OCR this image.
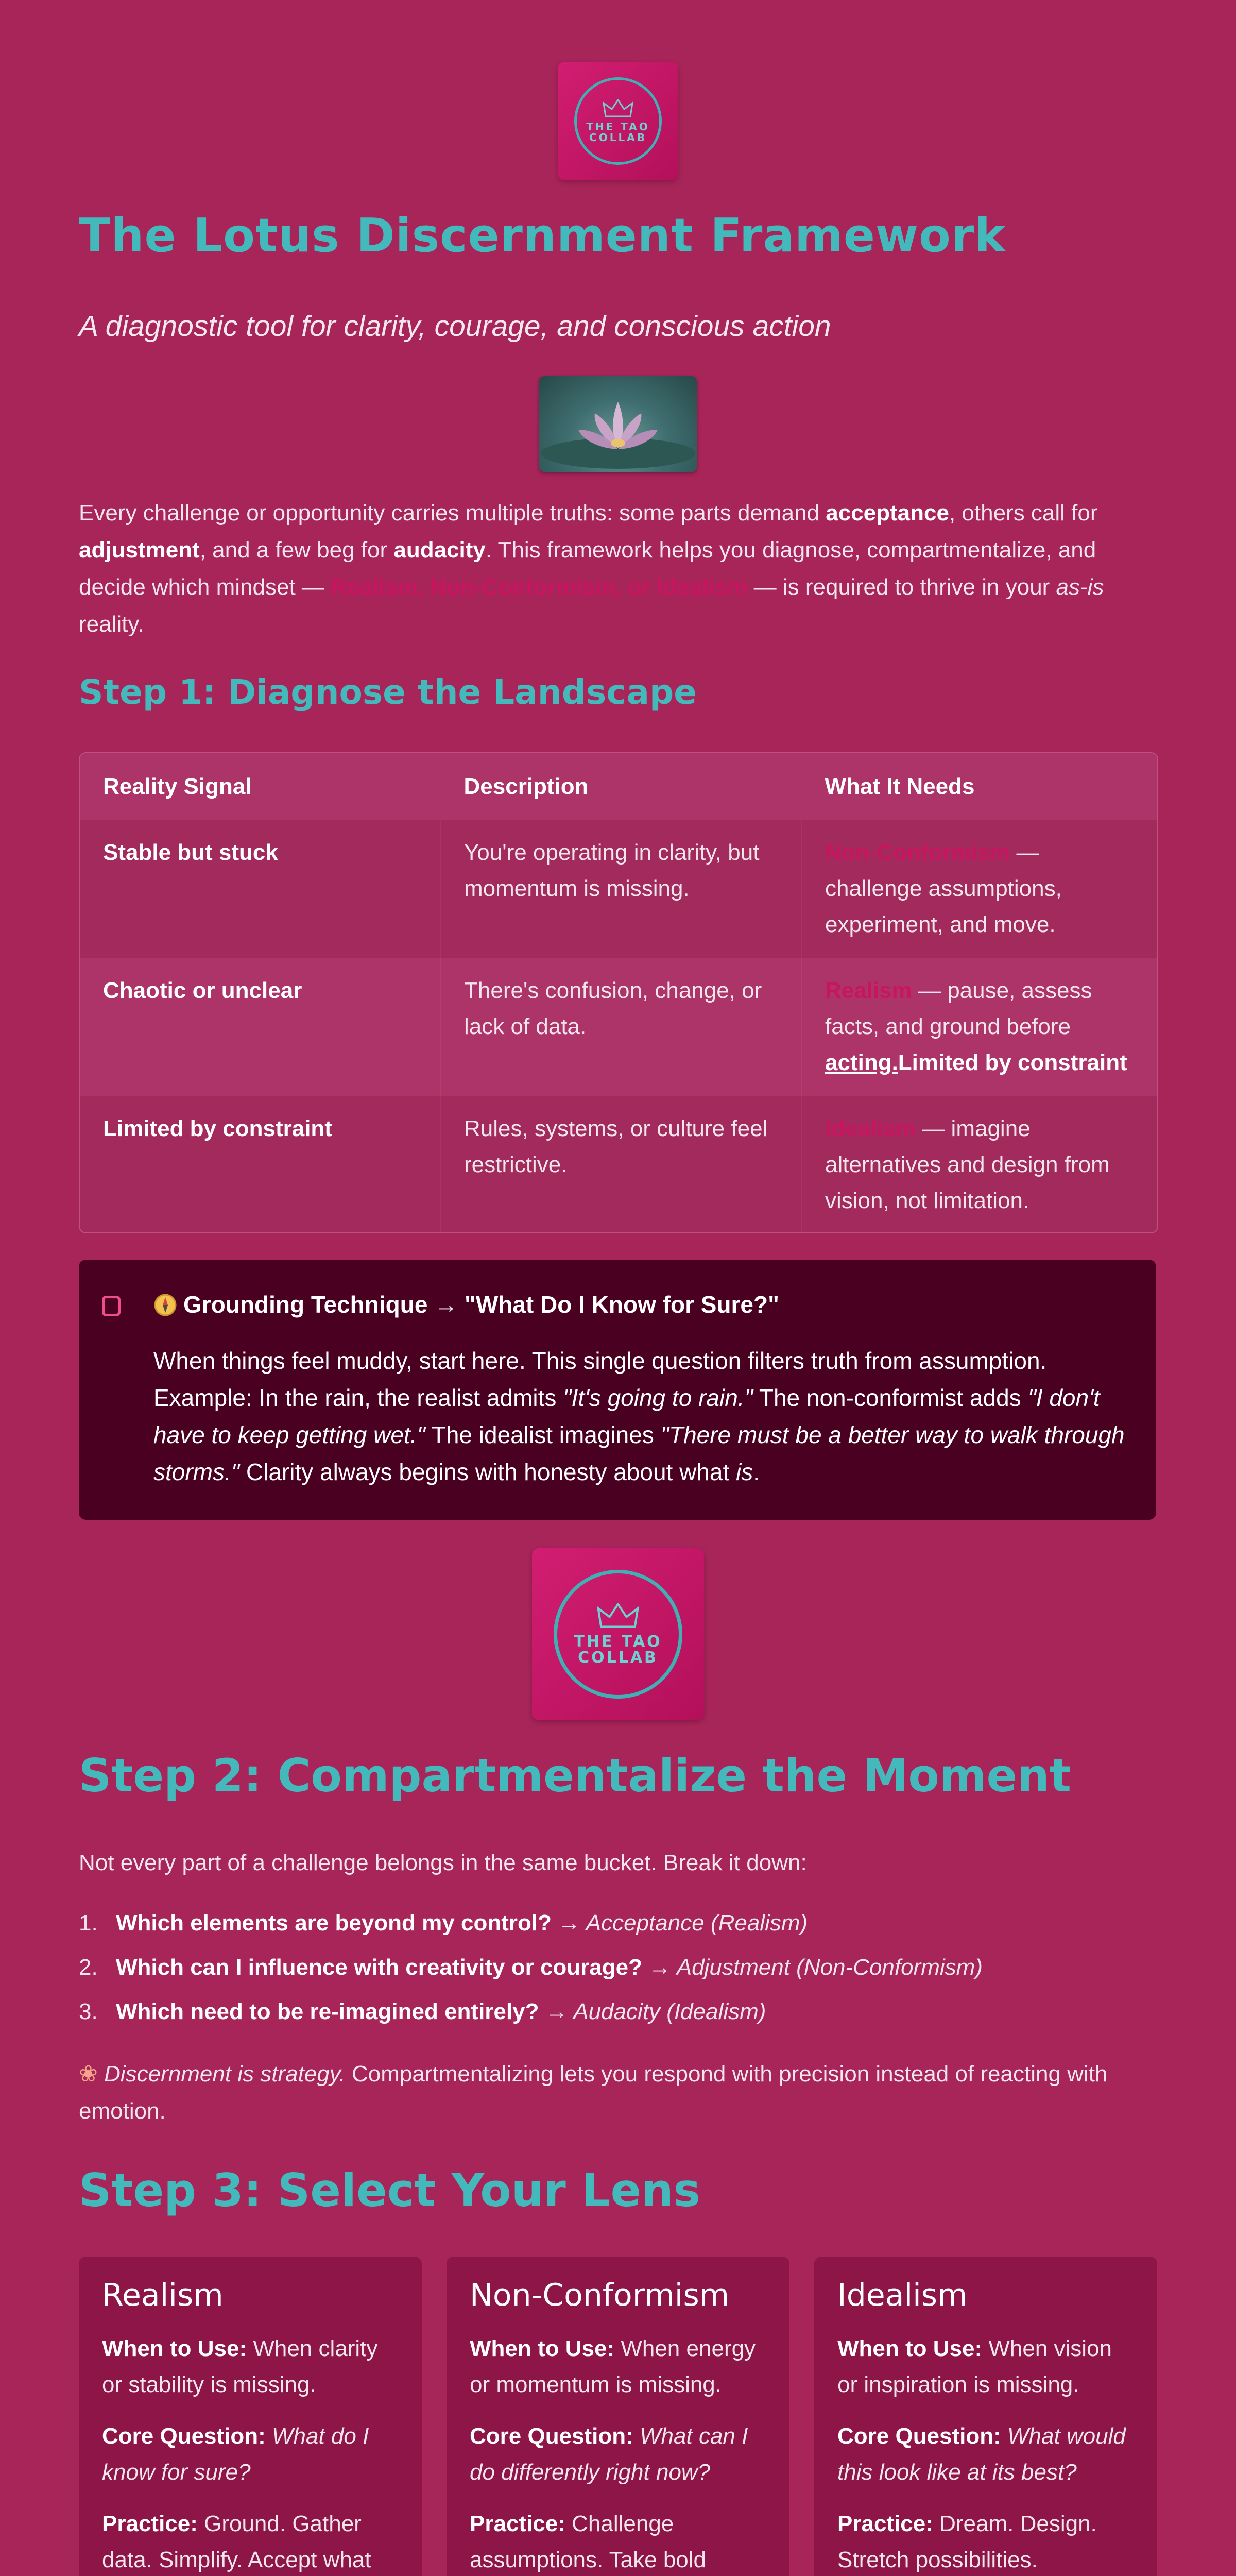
THE TAO
COLLAB
The Lotus Discernment Framework
A diagnostic tool for clarity, courage, and conscious action

Every challenge or opportunity carries multiple truths: some parts demand acceptance, others call for adjustment, and a few beg for audacity. This framework helps you diagnose, compartmentalize, and decide which mindset — Realism, Non-Conformism, or Idealism — is required to thrive in your as-is reality.

Step 1: Diagnose the Landscape
Reality Signal	Description	What It Needs
Stable but stuck	You're operating in clarity, but momentum is missing.	Non-Conformism — challenge assumptions, experiment, and move.
Chaotic or unclear	There's confusion, change, or lack of data.	Realism — pause, assess facts, and ground before acting.Limited by constraint
Limited by constraint	Rules, systems, or culture feel restrictive.	Idealism — imagine alternatives and design from vision, not limitation.
Grounding Technique → "What Do I Know for Sure?"
When things feel muddy, start here. This single question filters truth from assumption. Example: In the rain, the realist admits "It's going to rain." The non-conformist adds "I don't have to keep getting wet." The idealist imagines "There must be a better way to walk through storms." Clarity always begins with honesty about what is.
THE TAO
COLLAB
Step 2: Compartmentalize the Moment

Not every part of a challenge belongs in the same bucket. Break it down:

1. Which elements are beyond my control? → Acceptance (Realism)
2. Which can I influence with creativity or courage? → Adjustment (Non-Conformism)
3. Which need to be re-imagined entirely? → Audacity (Idealism)
❀ Discernment is strategy. Compartmentalizing lets you respond with precision instead of reacting with emotion.
Step 3: Select Your Lens
Realism

When to Use: When clarity or stability is missing.

Core Question: What do I know for sure?

Practice: Ground. Gather data. Simplify. Accept what

Non-Conformism

When to Use: When energy or momentum is missing.

Core Question: What can I do differently right now?

Practice: Challenge assumptions. Take bold

Idealism

When to Use: When vision or inspiration is missing.

Core Question: What would this look like at its best?

Practice: Dream. Design. Stretch possibilities.
